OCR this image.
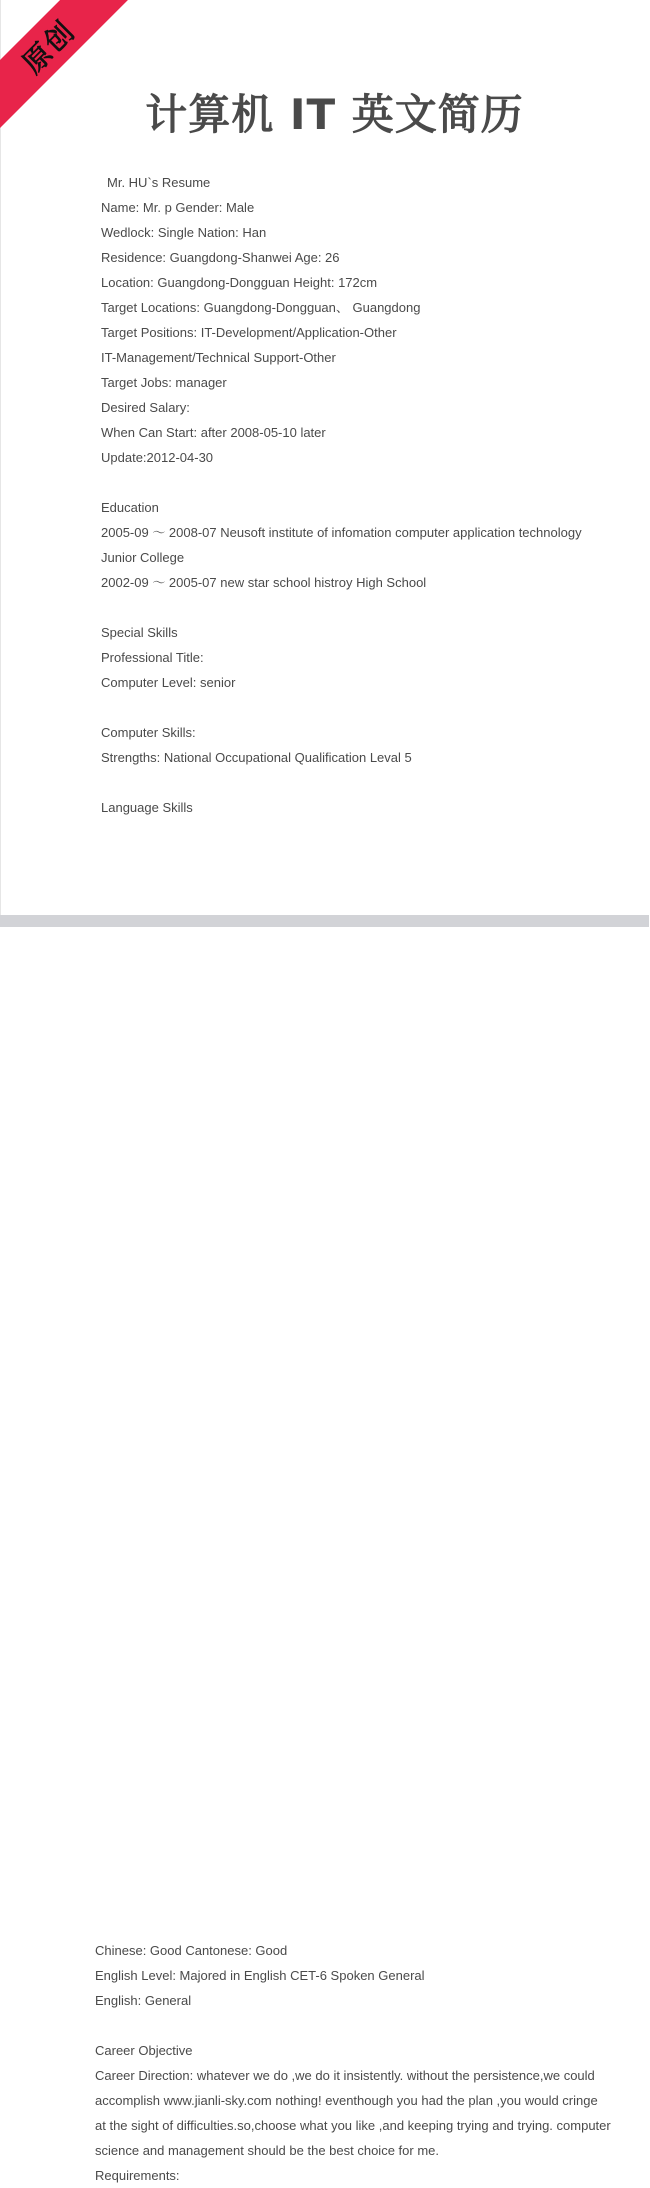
原创
计算机 IT 英文简历
Mr. HU`s Resume
Name: Mr. p Gender: Male
Wedlock: Single Nation: Han
Residence: Guangdong-Shanwei Age: 26
Location: Guangdong-Dongguan Height: 172cm
Target Locations: Guangdong-Dongguan、 Guangdong
Target Positions: IT-Development/Application-Other
IT-Management/Technical Support-Other
Target Jobs: manager
Desired Salary:
When Can Start: after 2008-05-10 later
Update:2012-04-30
Education
2005-09 ～ 2008-07 Neusoft institute of infomation computer application technology
Junior College
2002-09 ～ 2005-07 new star school histroy High School
Special Skills
Professional Title:
Computer Level: senior
Computer Skills:
Strengths: National Occupational Qualification Leval 5
Language Skills
Chinese: Good Cantonese: Good
English Level: Majored in English CET-6 Spoken General
English: General
Career Objective
Career Direction: whatever we do ,we do it insistently. without the persistence,we could
accomplish www.jianli-sky.com nothing! eventhough you had the plan ,you would cringe
at the sight of difficulties.so,choose what you like ,and keeping trying and trying. computer
science and management should be the best choice for me.
Requirements:
